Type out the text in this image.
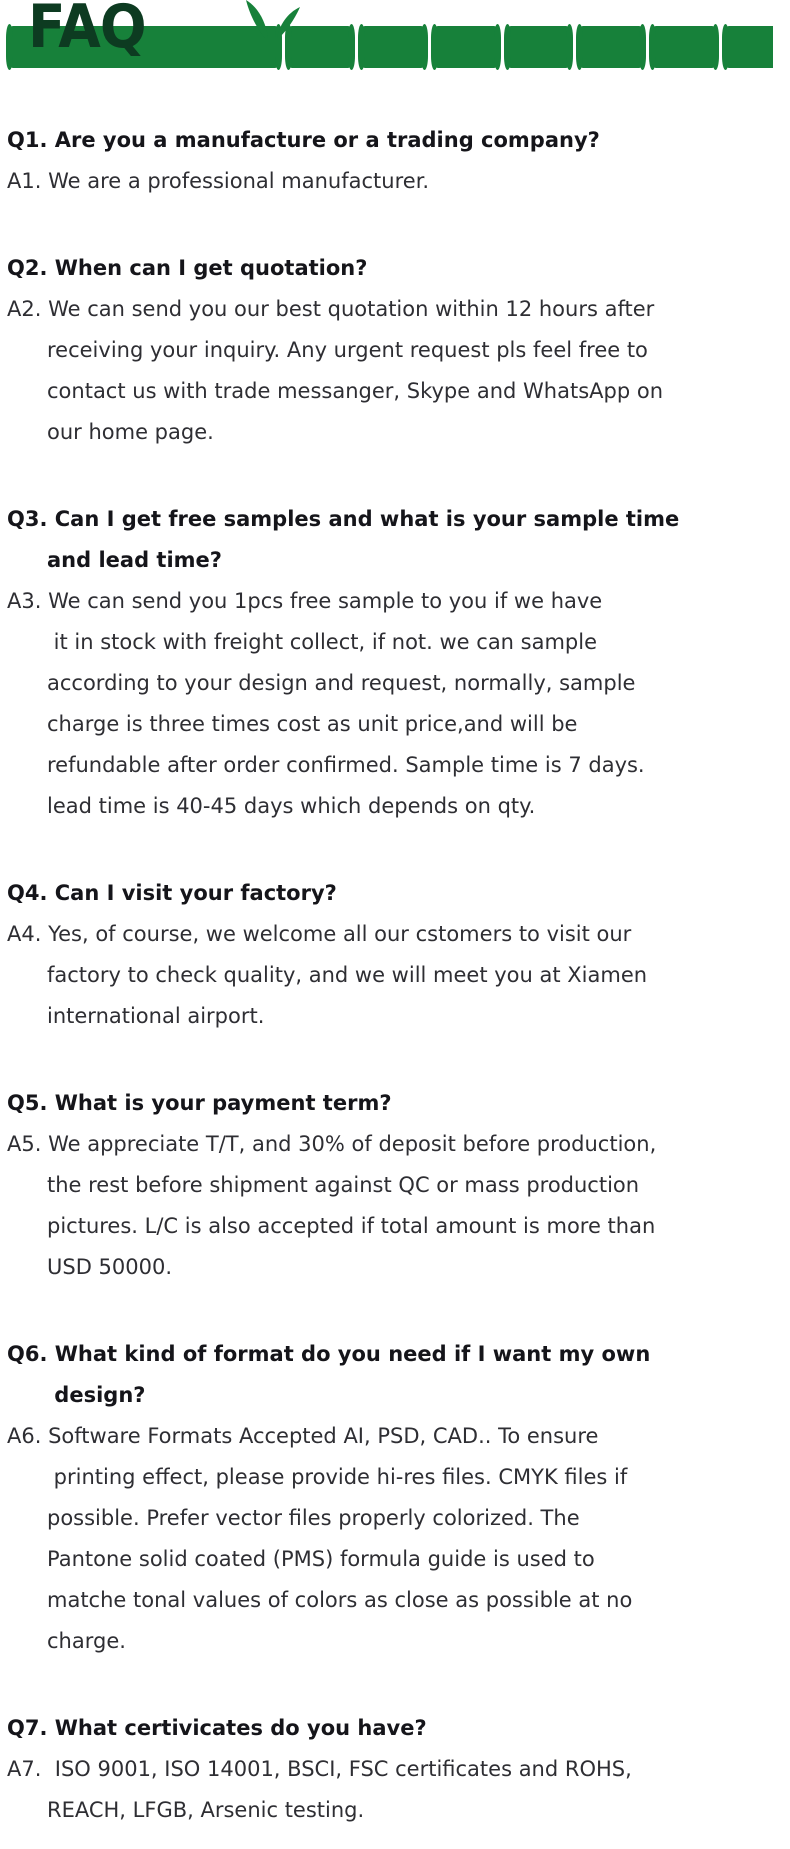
FAQ
Q1. Are you a manufacture or a trading company?
A1. We are a professional manufacturer.
Q2. When can I get quotation?
A2. We can send you our best quotation within 12 hours after
receiving your inquiry. Any urgent request pls feel free to
contact us with trade messanger, Skype and WhatsApp on
our home page.
Q3. Can I get free samples and what is your sample time
and lead time?
A3. We can send you 1pcs free sample to you if we have
it in stock with freight collect, if not. we can sample
according to your design and request, normally, sample
charge is three times cost as unit price,and will be
refundable after order confirmed. Sample time is 7 days.
lead time is 40-45 days which depends on qty.
Q4. Can I visit your factory?
A4. Yes, of course, we welcome all our cstomers to visit our
factory to check quality, and we will meet you at Xiamen
international airport.
Q5. What is your payment term?
A5. We appreciate T/T, and 30% of deposit before production,
the rest before shipment against QC or mass production
pictures. L/C is also accepted if total amount is more than
USD 50000.
Q6. What kind of format do you need if I want my own
design?
A6. Software Formats Accepted AI, PSD, CAD.. To ensure
printing effect, please provide hi-res files. CMYK files if
possible. Prefer vector files properly colorized. The
Pantone solid coated (PMS) formula guide is used to
matche tonal values of colors as close as possible at no
charge.
Q7. What certivicates do you have?
A7.  ISO 9001, ISO 14001, BSCI, FSC certificates and ROHS,
REACH, LFGB, Arsenic testing.
